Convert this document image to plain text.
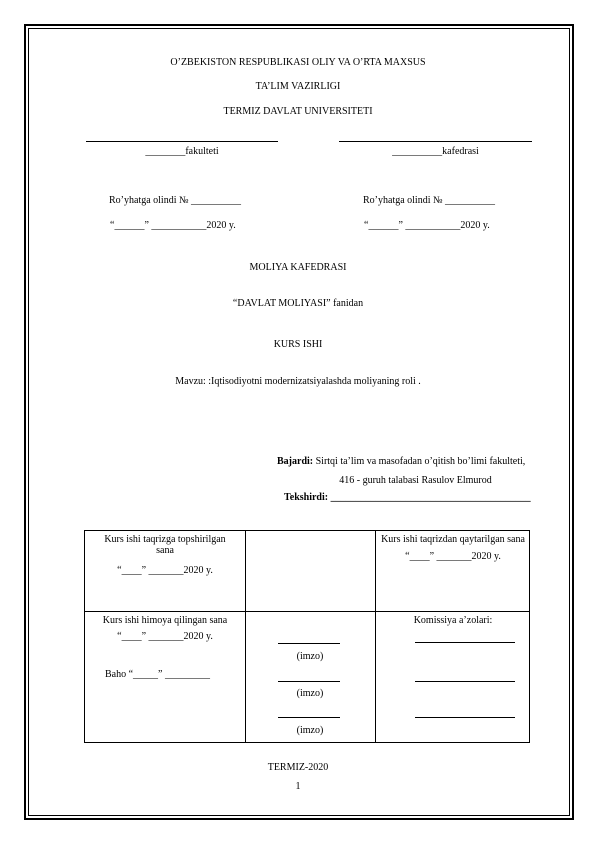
O’ZBEKISTON RESPUBLIKASI OLIY VA O’RTA MAXSUS
TA’LIM VAZIRLIGI
TERMIZ DAVLAT UNIVERSITETI
________fakulteti	__________kafedrasi
Ro’yhatga olindi № __________
“______” ___________2020 y.
Ro’yhatga olindi № __________
“______” ___________2020 y.
MOLIYA KAFEDRASI
“DAVLAT MOLIYASI” fanidan
KURS ISHI
Mavzu: :Iqtisodiyotni modernizatsiyalashda moliyaning roli .
Bajardi: Sirtqi ta’lim va masofadan o’qitish bo’limi fakulteti,
416 - guruh talabasi Rasulov Elmurod
Tekshirdi: ________________________________________
Kurs ishi taqrizga topshirilgan
sana
“____” _______2020 y.
Kurs ishi taqrizdan qaytarilgan sana
“____” _______2020 y.
Kurs ishi himoya qilingan sana
“____” _______2020 y.
Baho “_____” _________
(imzo)
(imzo)
(imzo)
Komissiya a’zolari:
TERMIZ-2020
1
